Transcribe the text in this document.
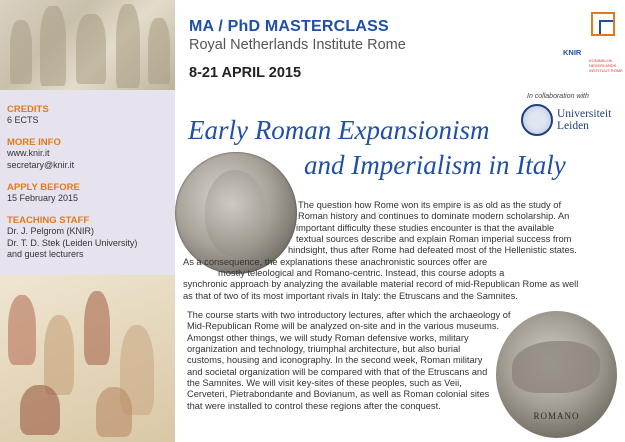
MA / PhD MASTERCLASS
Royal Netherlands Institute Rome
8-21 APRIL 2015
KNIR
KONINKLIJK NEDERLANDS INSTITUUT ROME
CREDITS
6 ECTS
MORE INFO
www.knir.it
secretary@knir.it
APPLY BEFORE
15 February 2015
TEACHING STAFF
Dr. J. Pelgrom (KNIR)
Dr. T. D. Stek (Leiden University)
and guest lecturers
In collaboration with
Universiteit
Leiden
Early Roman Expansionism
and Imperialism in Italy
The question how Rome won its empire is as old as the study of
Roman history and continues to dominate modern scholarship. An
important difficulty these studies encounter is that the available
textual sources describe and explain Roman imperial success from
hindsight, thus after Rome had defeated most of the Hellenistic states.
As a consequence, the explanations these anachronistic sources offer are
mostly teleological and Romano-centric. Instead, this course adopts a
synchronic approach by analyzing the available material record of mid-Republican Rome as well
as that of two of its most important rivals in Italy: the Etruscans and the Samnites.
The course starts with two introductory lectures, after which the archaeology of
Mid-Republican Rome will be analyzed on-site and in the various museums.
Amongst other things, we will study Roman defensive works, military
organization and technology, triumphal architecture, but also burial
customs, housing and iconography. In the second week, Roman military
and societal organization will be compared with that of the Etruscans and
the Samnites. We will visit key-sites of these peoples, such as Veii,
Cerveteri, Pietrabondante and Bovianum, as well as Roman colonial sites
that were installed to control these regions after the conquest.
ROMANO
